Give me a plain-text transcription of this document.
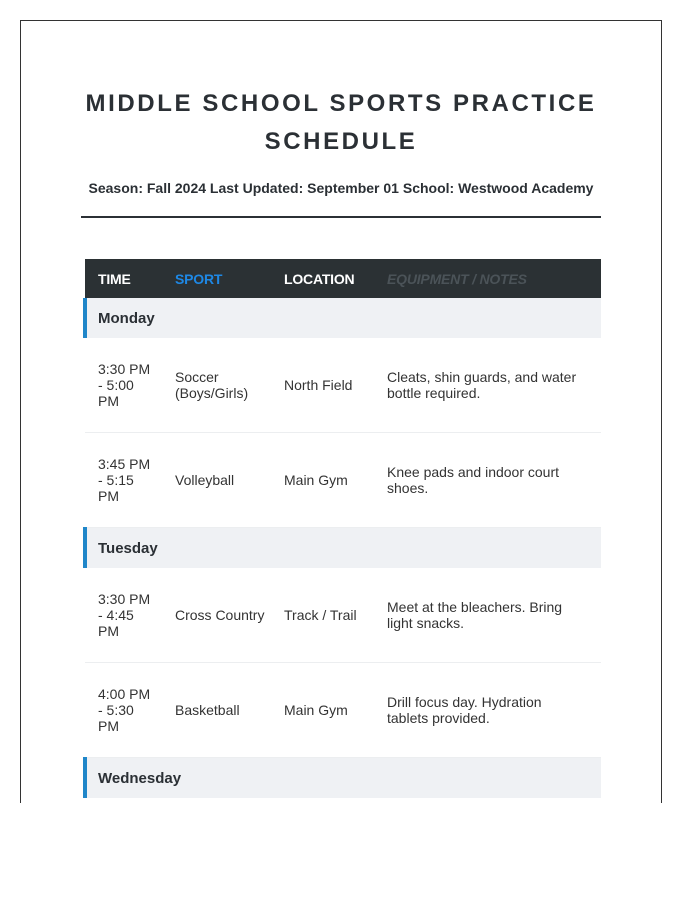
MIDDLE SCHOOL SPORTS PRACTICE SCHEDULE
Season: Fall 2024 Last Updated: September 01 School: Westwood Academy
TIME	SPORT	LOCATION	EQUIPMENT / NOTES
Monday			
3:30 PM - 5:00 PM	Soccer (Boys/Girls)	North Field	Cleats, shin guards, and water bottle required.
3:45 PM - 5:15 PM	Volleyball	Main Gym	Knee pads and indoor court shoes.
Tuesday			
3:30 PM - 4:45 PM	Cross Country	Track / Trail	Meet at the bleachers. Bring light snacks.
4:00 PM - 5:30 PM	Basketball	Main Gym	Drill focus day. Hydration tablets provided.
Wednesday			
